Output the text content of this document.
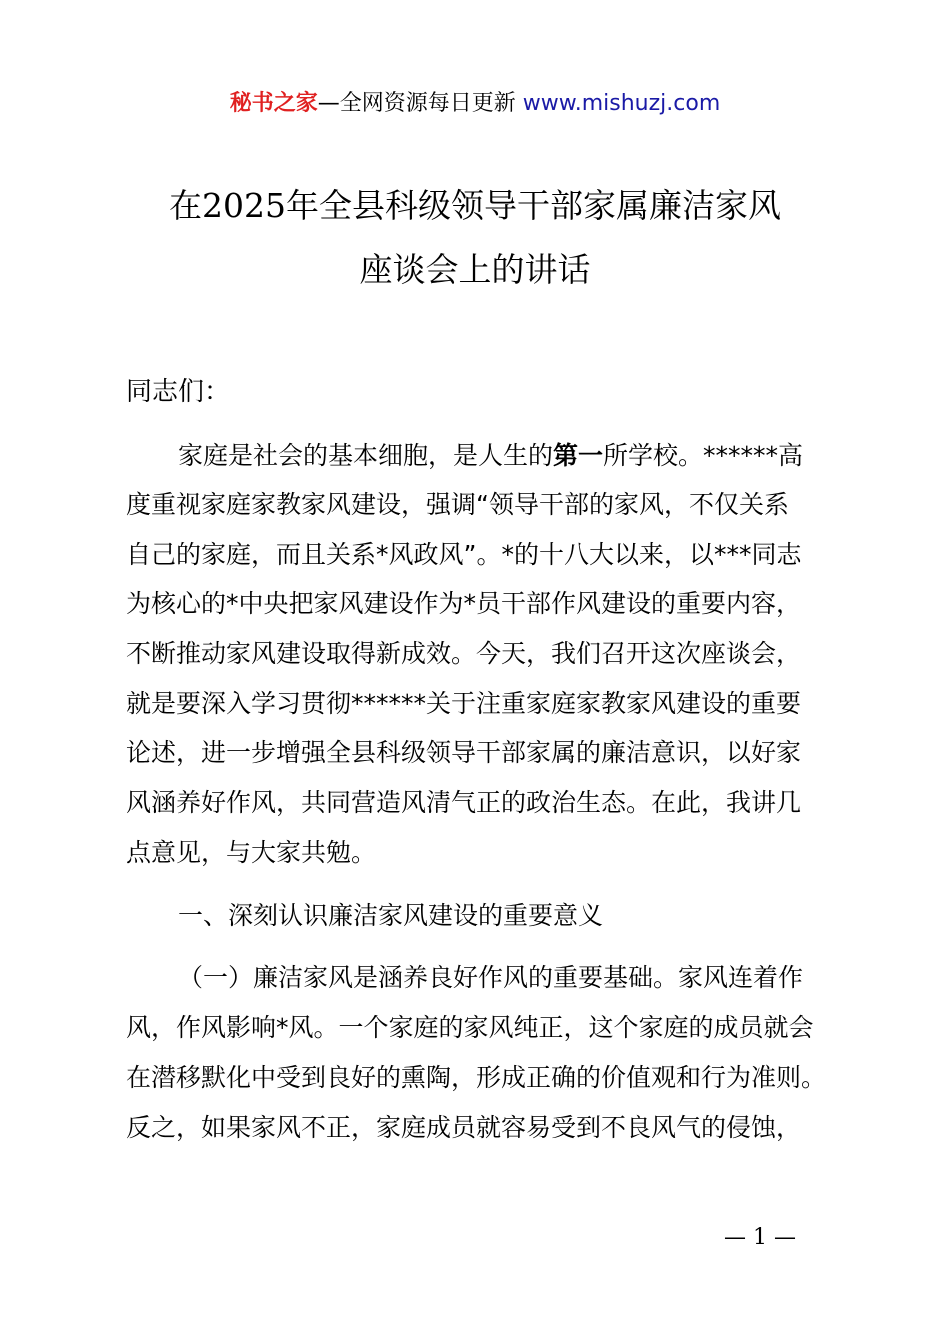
秘书之家—全网资源每日更新 www.mishuzj.com
在2025年全县科级领导干部家属廉洁家风
座谈会上的讲话
同志们：
家庭是社会的基本细胞，是人生的第一所学校。******高
度重视家庭家教家风建设，强调“领导干部的家风，不仅关系
自己的家庭，而且关系*风政风”。*的十八大以来，以***同志
为核心的*中央把家风建设作为*员干部作风建设的重要内容，
不断推动家风建设取得新成效。今天，我们召开这次座谈会，
就是要深入学习贯彻******关于注重家庭家教家风建设的重要
论述，进一步增强全县科级领导干部家属的廉洁意识，以好家
风涵养好作风，共同营造风清气正的政治生态。在此，我讲几
点意见，与大家共勉。
一、深刻认识廉洁家风建设的重要意义
（一）廉洁家风是涵养良好作风的重要基础。家风连着作
风，作风影响*风。一个家庭的家风纯正，这个家庭的成员就会
在潜移默化中受到良好的熏陶，形成正确的价值观和行为准则。
反之，如果家风不正，家庭成员就容易受到不良风气的侵蚀，
— 1 —
